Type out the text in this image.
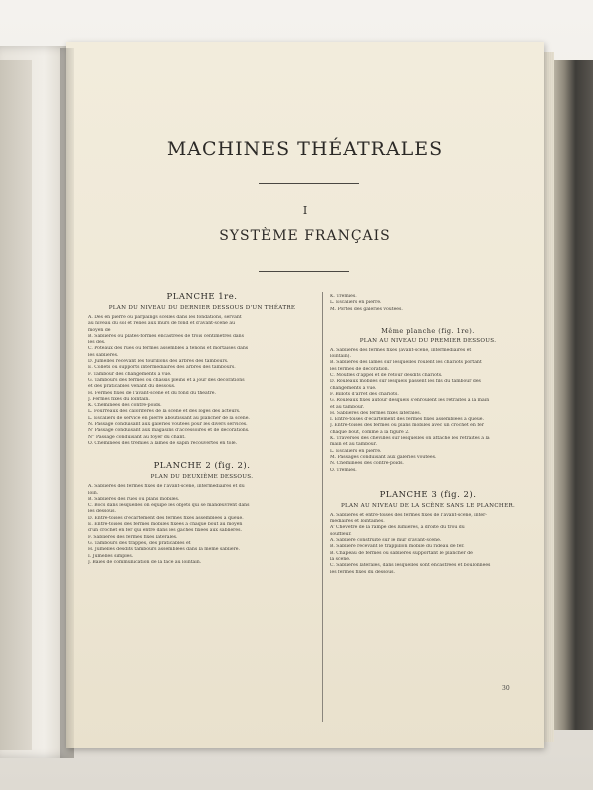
MACHINES THÉATRALES
I
SYSTÈME FRANÇAIS
PLANCHE 1re.
PLAN DU NIVEAU DU DERNIER DESSOUS D'UN THÉATRE
A. Dés en pierre ou parpaings scellés dans les fondations, servant
au niveau du sol et reliés aux murs de fond et d'avant-scène au
moyen de
B. Sablières ou plates-formes encastrées de trois centimètres dans
les dés.
C. Poteaux des rues ou fermes assemblés à tenons et mortaises dans
les sablières.
D. Jumelles recevant les tourillons des arbres des tambours.
E. Collets ou supports intermédiaires des arbres des tambours.
F. Tambour des changements à vue.
G. Tambours des fermes ou châssis pleins et à jour des décorations
et des praticables venant du dessous.
H. Fermes fixes de l'avant-scène et du fond du théâtre.
J. Fermes fixes du lointain.
K. Cheminées des contre-poids.
L. Fourreaux des calorifères de la scène et des loges des acteurs.
L. Escaliers de service en pierre aboutissant au plancher de la scène.
N. Passage conduisant aux galeries voûtées pour les divers services.
N' Passage conduisant aux magasins d'accessoires et de décorations.
N'' Passage conduisant au foyer du chant.
O. Cheminées des trémies à lames de sapin recouvertes en tôle.
PLANCHE 2 (fig. 2).
PLAN DU DEUXIÈME DESSOUS.
A. Sablières des fermes fixes de l'avant-scène, intermédiaires et du
loin.
B. Sablières des rues ou plans mobiles.
C. Bocs dans lesquelles on équipe les objets qui se manœuvrent dans
les dessous.
D. Entre-toises d'écartement des fermes fixes assemblées à queue.
E. Entre-toises des fermes mobiles fixées à chaque bout au moyen
d'un crochet en fer qui entre dans les gâches fixées aux sablières.
F. Sablières des fermes fixes latérales.
G. Tambours des trappes, des praticables et
H. Jumelles desdits tambours assemblées dans la même sablière.
I. Jumelles simples.
J. Baies de communication de la face au lointain.
K. Trémies.
L. Escaliers en pierre.
M. Portes des galeries voûtées.
Même planche (fig. 1re).
PLAN AU NIVEAU DU PREMIER DESSOUS.
A. Sablières des fermes fixes (avant-scène, intermédiaires et
lointain).
B. Sablières des lames sur lesquelles roulent les chariots portant
les fermes de décoration.
C. Moufles d'appel et de retour desdits chariots.
D. Rouleaux mobiles sur lesquels passent les fils du tambour des
changements à vue.
F. Billots d'arrêt des chariots.
G. Rouleaux fixes autour desquels s'enroulent les retraites à la main
et au tambour.
H. Sablières des fermes fixes latérales.
I. Entre-toises d'écartement des fermes fixes assemblées à queue.
J. Entre-toises des fermes ou plans mobiles avec un crochet en fer
chaque bout, comme à la figure 2.
K. Traverses des chevilles sur lesquelles on attache les retraites à la
main et au tambour.
L. Escaliers en pierre.
M. Passages conduisant aux galeries voûtées.
N. Cheminées des contre-poids.
O. Trémies.
PLANCHE 3 (fig. 2).
PLAN AU NIVEAU DE LA SCÈNE SANS LE PLANCHER.
A. Sablières et entre-toises des fermes fixes de l'avant-scène, inter-
médiaires et lointaines.
A' Chevêtre de la rampe des lumières, à droite du trou du
souffleur.
A. Sablière construite sur le mur d'avant-scène.
B. Sablière recevant le trappillon mobile du rideau de fer.
B. Chapeau de fermes ou sablières supportant le plancher de
la scène.
C. Sablières latérales, dans lesquelles sont encastrées et boulonnées
les fermes fixes du dessous.
30
